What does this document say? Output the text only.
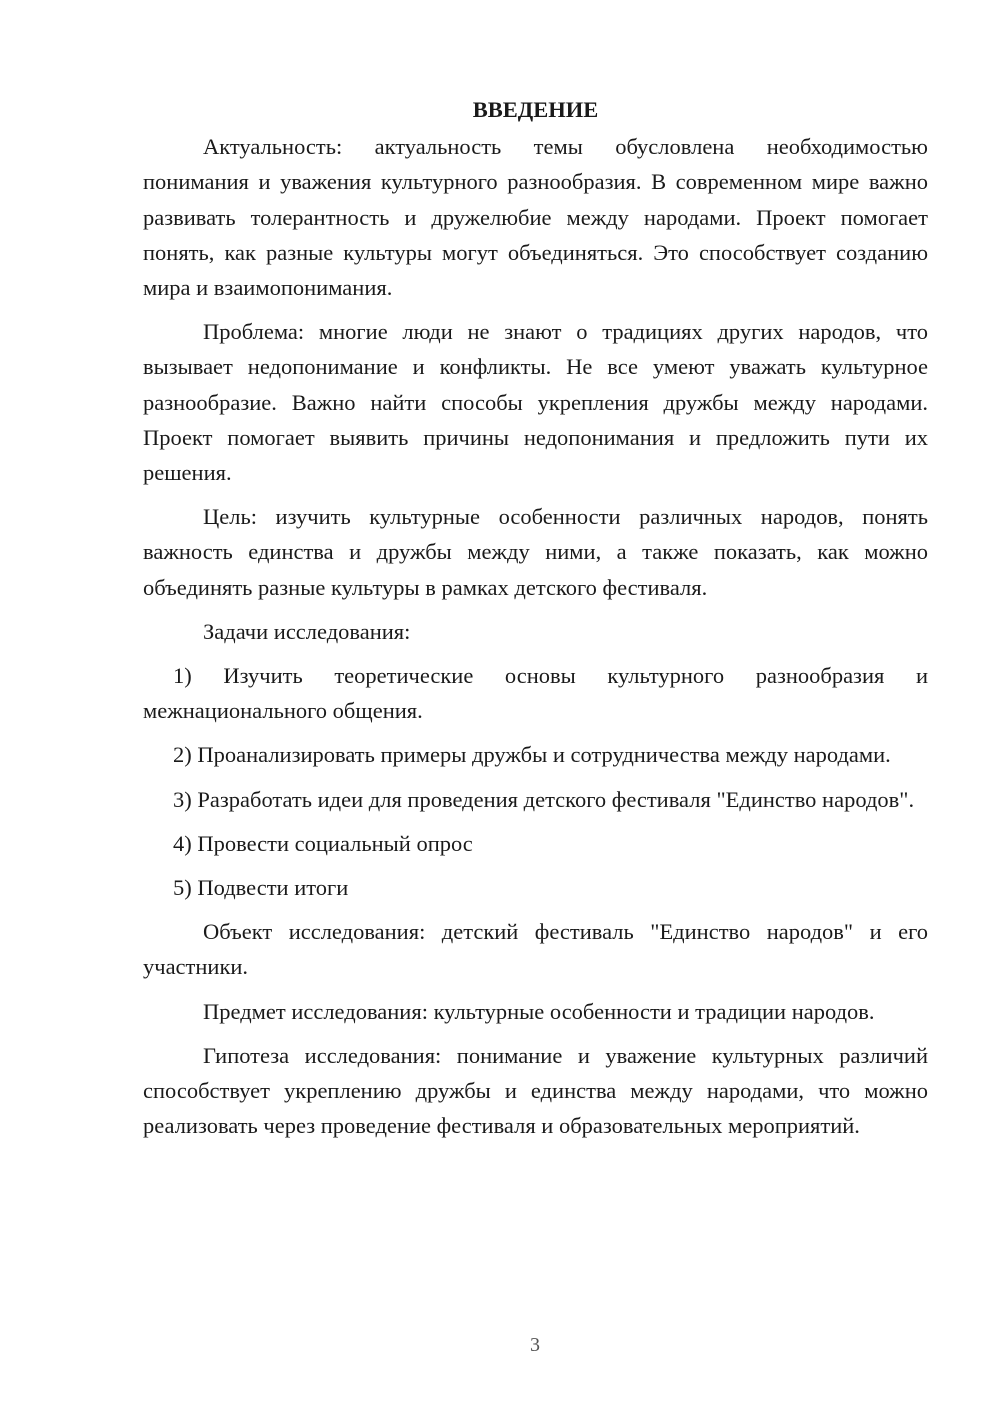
ВВЕДЕНИЕ

Актуальность: актуальность темы обусловлена необходимостью понимания и уважения культурного разнообразия. В современном мире важно развивать толерантность и дружелюбие между народами. Проект помогает понять, как разные культуры могут объединяться. Это способствует созданию мира и взаимопонимания.

Проблема: многие люди не знают о традициях других народов, что вызывает недопонимание и конфликты. Не все умеют уважать культурное разнообразие. Важно найти способы укрепления дружбы между народами. Проект помогает выявить причины недопонимания и предложить пути их решения.

Цель: изучить культурные особенности различных народов, понять важность единства и дружбы между ними, а также показать, как можно объединять разные культуры в рамках детского фестиваля.

Задачи исследования:

1) Изучить теоретические основы культурного разнообразия и межнационального общения.

2) Проанализировать примеры дружбы и сотрудничества между народами.

3) Разработать идеи для проведения детского фестиваля "Единство народов".

4) Провести социальный опрос

5) Подвести итоги

Объект исследования: детский фестиваль "Единство народов" и его участники.

Предмет исследования: культурные особенности и традиции народов.

Гипотеза исследования: понимание и уважение культурных различий способствует укреплению дружбы и единства между народами, что можно реализовать через проведение фестиваля и образовательных мероприятий.

3
